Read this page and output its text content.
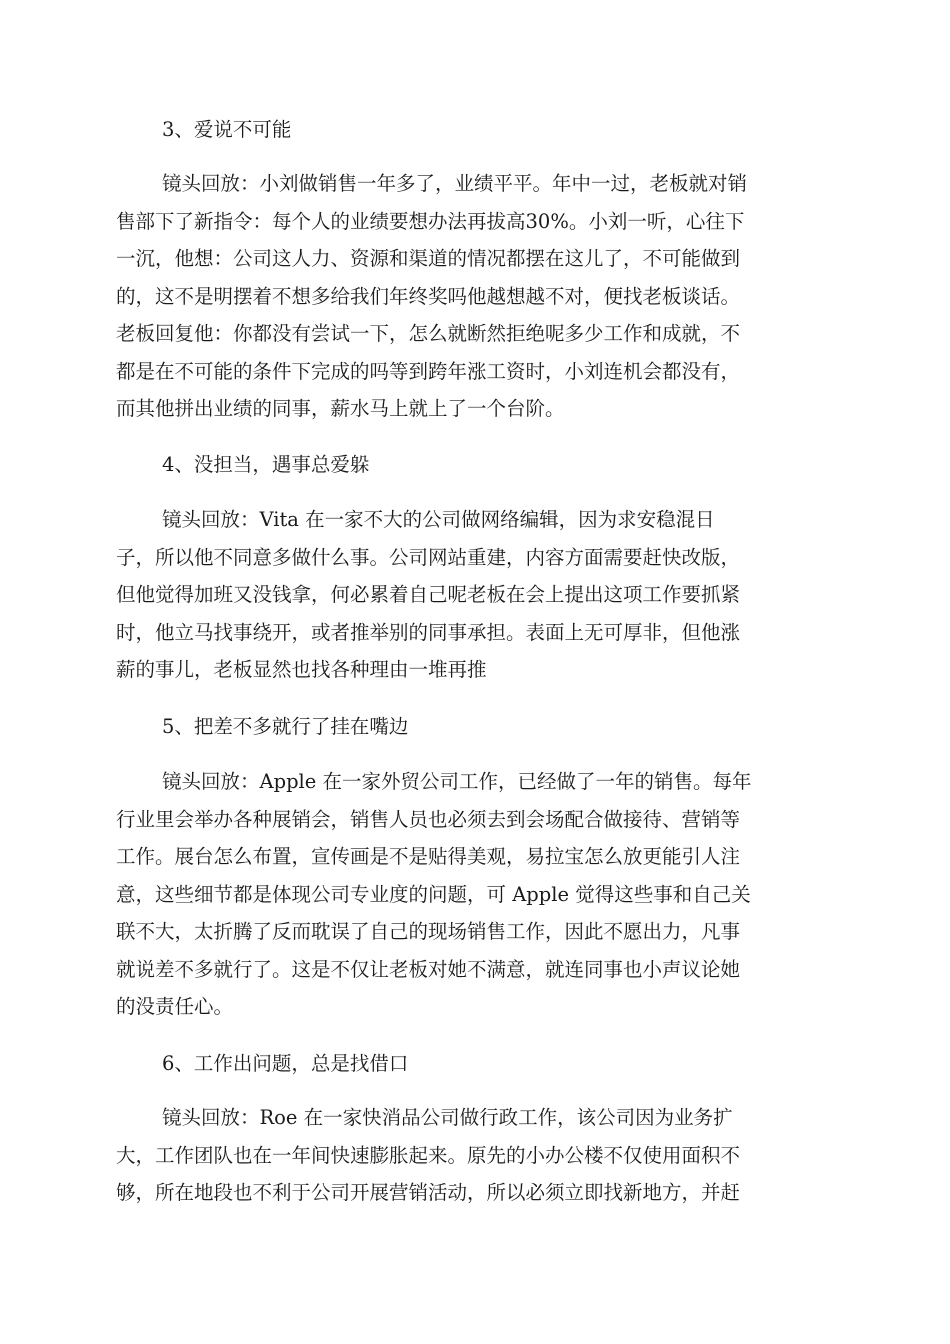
3、爱说不可能
镜头回放：小刘做销售一年多了，业绩平平。年中一过，老板就对销
售部下了新指令：每个人的业绩要想办法再拔高30%。小刘一听，心往下
一沉，他想：公司这人力、资源和渠道的情况都摆在这儿了，不可能做到
的，这不是明摆着不想多给我们年终奖吗他越想越不对，便找老板谈话。
老板回复他：你都没有尝试一下，怎么就断然拒绝呢多少工作和成就，不
都是在不可能的条件下完成的吗等到跨年涨工资时，小刘连机会都没有，
而其他拼出业绩的同事，薪水马上就上了一个台阶。
4、没担当，遇事总爱躲
镜头回放：Vita 在一家不大的公司做网络编辑，因为求安稳混日
子，所以他不同意多做什么事。公司网站重建，内容方面需要赶快改版，
但他觉得加班又没钱拿，何必累着自己呢老板在会上提出这项工作要抓紧
时，他立马找事绕开，或者推举别的同事承担。表面上无可厚非，但他涨
薪的事儿，老板显然也找各种理由一堆再推
5、把差不多就行了挂在嘴边
镜头回放：Apple 在一家外贸公司工作，已经做了一年的销售。每年
行业里会举办各种展销会，销售人员也必须去到会场配合做接待、营销等
工作。展台怎么布置，宣传画是不是贴得美观，易拉宝怎么放更能引人注
意，这些细节都是体现公司专业度的问题，可 Apple 觉得这些事和自己关
联不大，太折腾了反而耽误了自己的现场销售工作，因此不愿出力，凡事
就说差不多就行了。这是不仅让老板对她不满意，就连同事也小声议论她
的没责任心。
6、工作出问题，总是找借口
镜头回放：Roe 在一家快消品公司做行政工作，该公司因为业务扩
大，工作团队也在一年间快速膨胀起来。原先的小办公楼不仅使用面积不
够，所在地段也不利于公司开展营销活动，所以必须立即找新地方，并赶
